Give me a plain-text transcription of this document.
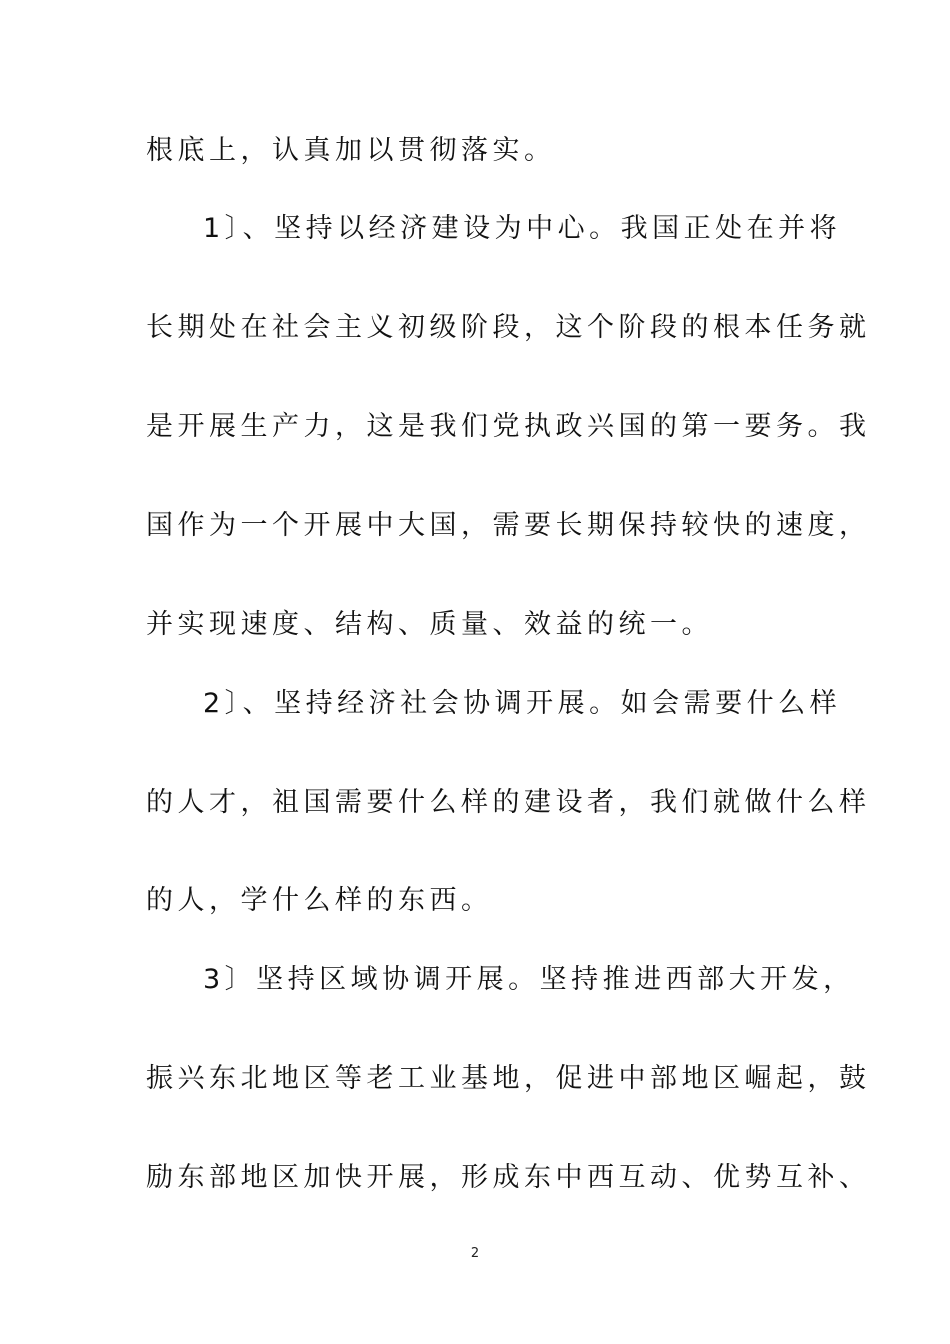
根底上，认真加以贯彻落实。
1〕、坚持以经济建设为中心。我国正处在并将
长期处在社会主义初级阶段，这个阶段的根本任务就
是开展生产力，这是我们党执政兴国的第一要务。我
国作为一个开展中大国，需要长期保持较快的速度，
并实现速度、结构、质量、效益的统一。
2〕、坚持经济社会协调开展。如会需要什么样
的人才，祖国需要什么样的建设者，我们就做什么样
的人，学什么样的东西。
3〕坚持区域协调开展。坚持推进西部大开发，
振兴东北地区等老工业基地，促进中部地区崛起，鼓
励东部地区加快开展，形成东中西互动、优势互补、
2
